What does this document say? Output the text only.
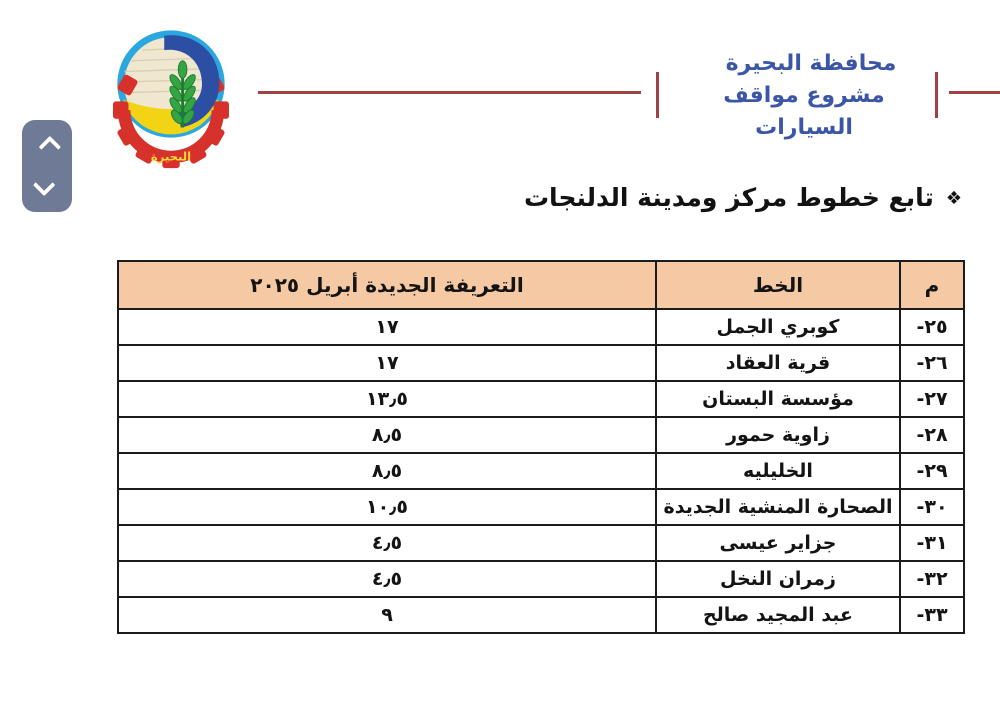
البحيرة
محافظة البحيرة
مشروع مواقف السيارات
❖
تابع خطوط مركز ومدينة الدلنجات
م	الخط	التعريفة الجديدة أبريل ٢٠٢٥
٢٥-	كوبري الجمل	١٧
٢٦-	قرية العقاد	١٧
٢٧-	مؤسسة البستان	١٣٫٥
٢٨-	زاوية حمور	٨٫٥
٢٩-	الخليليه	٨٫٥
٣٠-	الصحارة المنشية الجديدة	١٠٫٥
٣١-	جزاير عيسى	٤٫٥
٣٢-	زمران النخل	٤٫٥
٣٣-	عبد المجيد صالح	٩
